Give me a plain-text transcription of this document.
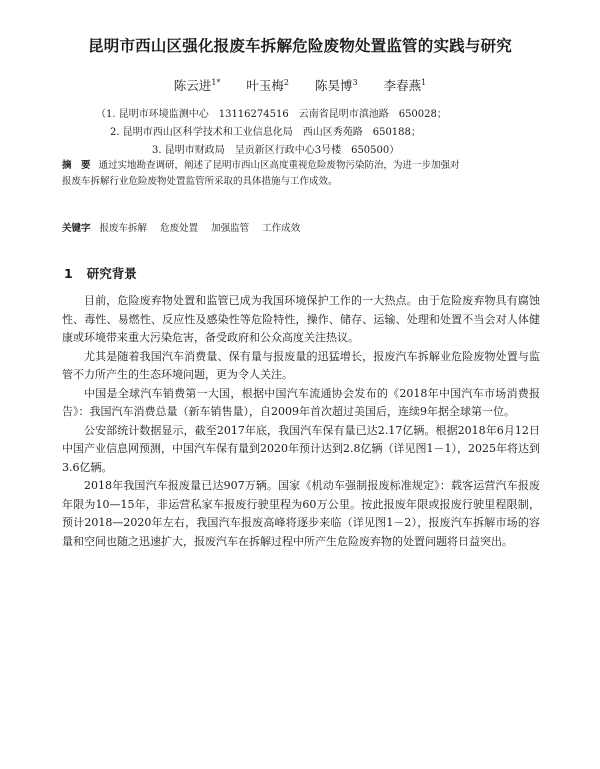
昆明市西山区强化报废车拆解危险废物处置监管的实践与研究
陈云进$^{1*}$ 叶玉梅$^2$ 陈昊博$^3$ 李春燕$^1$
（1. 昆明市环境监测中心　13116274516　云南省昆明市滇池路　650028；
2. 昆明市西山区科学技术和工业信息化局　西山区秀苑路　650188；
3. 昆明市财政局　呈贡新区行政中心3号楼　650500）
摘　要 通过实地勘查调研，阐述了昆明市西山区高度重视危险废物污染防治，为进一步加强对
报废车拆解行业危险废物处置监管所采取的具体措施与工作成效。
关键字 报废车拆解 危废处置 加强监管 工作成效
1 研究背景

目前，危险废弃物处置和监管已成为我国环境保护工作的一大热点。由于危险废弃物具有腐蚀性、毒性、易燃性、反应性及感染性等危险特性，操作、储存、运输、处理和处置不当会对人体健康或环境带来重大污染危害，备受政府和公众高度关注热议。

尤其是随着我国汽车消费量、保有量与报废量的迅猛增长，报废汽车拆解业危险废物处置与监管不力所产生的生态环境问题，更为令人关注。

中国是全球汽车销费第一大国，根据中国汽车流通协会发布的《2018年中国汽车市场消费报告》：我国汽车消费总量（新车销售量），自2009年首次超过美国后，连续9年据全球第一位。

公安部统计数据显示，截至2017年底，我国汽车保有量已达2.17亿辆。根据2018年6月12日中国产业信息网预测，中国汽车保有量到2020年预计达到2.8亿辆（详见图1－1），2025年将达到3.6亿辆。

2018年我国汽车报废量已达907万辆。国家《机动车强制报废标准规定》：载客运营汽车报废年限为10—15年，非运营私家车报废行驶里程为60万公里。按此报废年限或报废行驶里程限制，预计2018—2020年左右，我国汽车报废高峰将逐步来临（详见图1－2），报废汽车拆解市场的容量和空间也随之迅速扩大，报废汽车在拆解过程中所产生危险废弃物的处置问题将日益突出。
